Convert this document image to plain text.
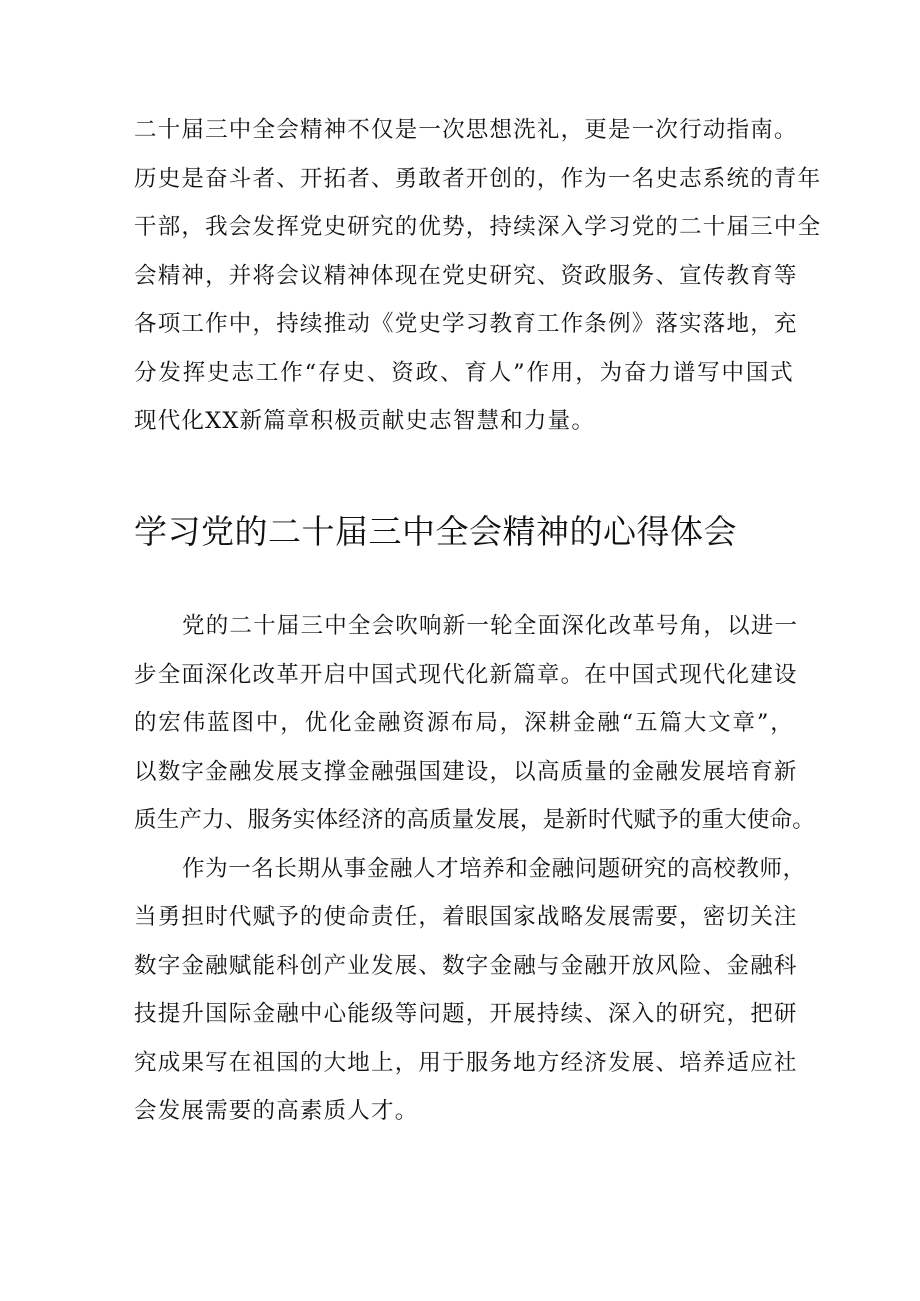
二十届三中全会精神不仅是一次思想洗礼，更是一次行动指南。

历史是奋斗者、开拓者、勇敢者开创的，作为一名史志系统的青年

干部，我会发挥党史研究的优势，持续深入学习党的二十届三中全

会精神，并将会议精神体现在党史研究、资政服务、宣传教育等

各项工作中，持续推动《党史学习教育工作条例》落实落地，充

分发挥史志工作“存史、资政、育人”作用，为奋力谱写中国式

现代化XX新篇章积极贡献史志智慧和力量。

学习党的二十届三中全会精神的心得体会

党的二十届三中全会吹响新一轮全面深化改革号角，以进一

步全面深化改革开启中国式现代化新篇章。在中国式现代化建设

的宏伟蓝图中，优化金融资源布局，深耕金融“五篇大文章”，

以数字金融发展支撑金融强国建设，以高质量的金融发展培育新

质生产力、服务实体经济的高质量发展，是新时代赋予的重大使命。

作为一名长期从事金融人才培养和金融问题研究的高校教师，

当勇担时代赋予的使命责任，着眼国家战略发展需要，密切关注

数字金融赋能科创产业发展、数字金融与金融开放风险、金融科

技提升国际金融中心能级等问题，开展持续、深入的研究，把研

究成果写在祖国的大地上，用于服务地方经济发展、培养适应社

会发展需要的高素质人才。
